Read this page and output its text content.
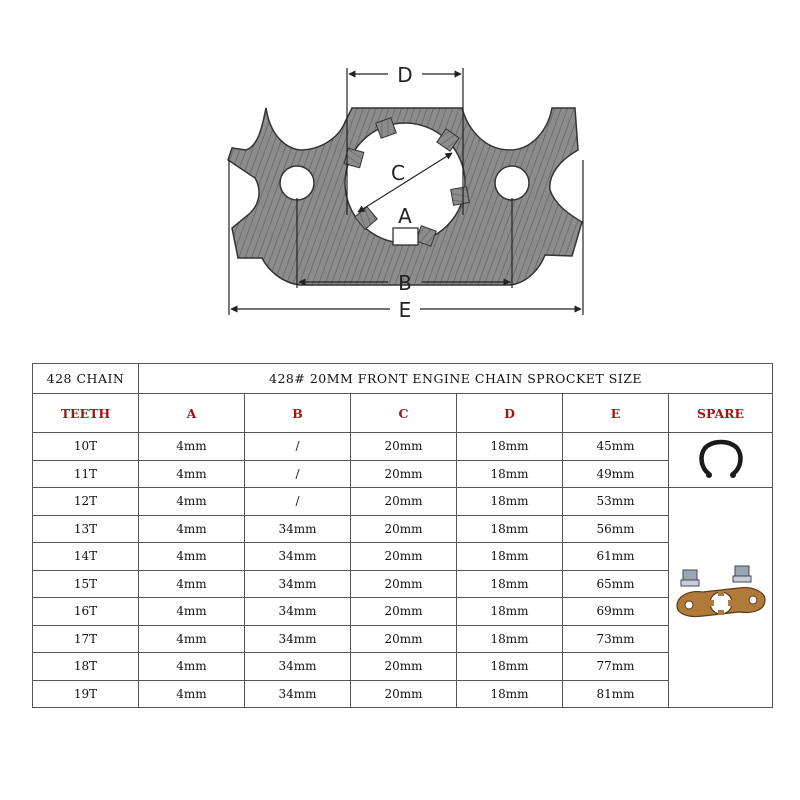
D
C
A
B
E
428 CHAIN	428# 20MM FRONT ENGINE CHAIN SPROCKET SIZE					
TEETH	A	B	C	D	E	SPARE
10T	4mm	/	20mm	18mm	45mm	

11T	4mm	/	20mm	18mm	49mm	
12T	4mm	/	20mm	18mm	53mm	

13T	4mm	34mm	20mm	18mm	56mm	
14T	4mm	34mm	20mm	18mm	61mm	
15T	4mm	34mm	20mm	18mm	65mm	
16T	4mm	34mm	20mm	18mm	69mm	
17T	4mm	34mm	20mm	18mm	73mm	
18T	4mm	34mm	20mm	18mm	77mm	
19T	4mm	34mm	20mm	18mm	81mm	
